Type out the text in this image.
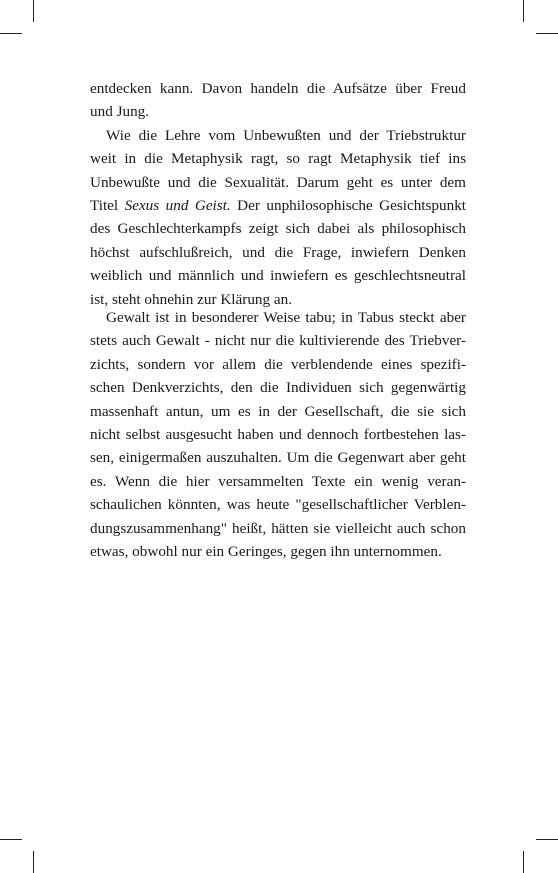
entdecken kann. Davon handeln die Aufsätze über Freud
und Jung.
Wie die Lehre vom Unbewußten und der Triebstruktur
weit in die Metaphysik ragt, so ragt Metaphysik tief ins
Unbewußte und die Sexualität. Darum geht es unter dem
Titel Sexus und Geist. Der unphilosophische Gesichtspunkt
des Geschlechterkampfs zeigt sich dabei als philosophisch
höchst aufschlußreich, und die Frage, inwiefern Denken
weiblich und männlich und inwiefern es geschlechtsneutral
ist, steht ohnehin zur Klärung an.
Gewalt ist in besonderer Weise tabu; in Tabus steckt aber
stets auch Gewalt - nicht nur die kultivierende des Triebver-
zichts, sondern vor allem die verblendende eines spezifi-
schen Denkverzichts, den die Individuen sich gegenwärtig
massenhaft antun, um es in der Gesellschaft, die sie sich
nicht selbst ausgesucht haben und dennoch fortbestehen las-
sen, einigermaßen auszuhalten. Um die Gegenwart aber geht
es. Wenn die hier versammelten Texte ein wenig veran-
schaulichen könnten, was heute "gesellschaftlicher Verblen-
dungszusammenhang" heißt, hätten sie vielleicht auch schon
etwas, obwohl nur ein Geringes, gegen ihn unternommen.
